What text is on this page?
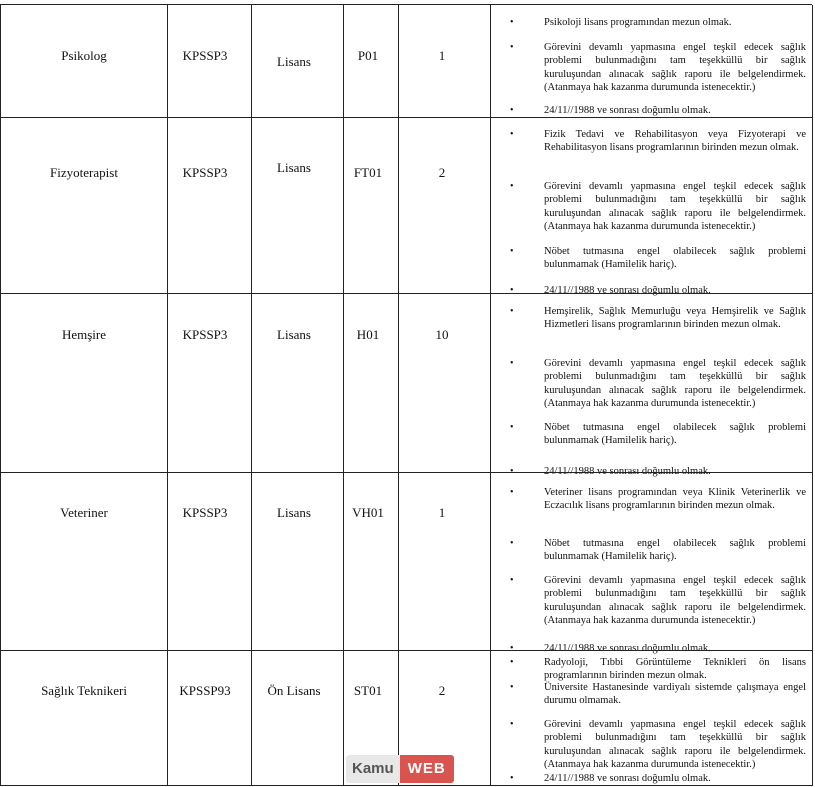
Psikolog	KPSSP3	Lisans	P01	1
Psikoloji lisans programından mezun olmak.
Görevini devamlı yapmasına engel teşkil edecek sağlık problemi bulunmadığını tam teşekküllü bir sağlık kuruluşundan alınacak sağlık raporu ile belgelendirmek. (Atanmaya hak kazanma durumunda istenecektir.)
24/11//1988 ve sonrası doğumlu olmak.
Fizyoterapist	KPSSP3	Lisans	FT01	2
Fizik Tedavi ve Rehabilitasyon veya Fizyoterapi ve Rehabilitasyon lisans programlarının birinden mezun olmak.
Görevini devamlı yapmasına engel teşkil edecek sağlık problemi bulunmadığını tam teşekküllü bir sağlık kuruluşundan alınacak sağlık raporu ile belgelendirmek. (Atanmaya hak kazanma durumunda istenecektir.)
Nöbet tutmasına engel olabilecek sağlık problemi bulunmamak (Hamilelik hariç).
24/11//1988 ve sonrası doğumlu olmak.
Hemşire	KPSSP3	Lisans	H01	10
Hemşirelik, Sağlık Memurluğu veya Hemşirelik ve Sağlık Hizmetleri lisans programlarının birinden mezun olmak.
Görevini devamlı yapmasına engel teşkil edecek sağlık problemi bulunmadığını tam teşekküllü bir sağlık kuruluşundan alınacak sağlık raporu ile belgelendirmek. (Atanmaya hak kazanma durumunda istenecektir.)
Nöbet tutmasına engel olabilecek sağlık problemi bulunmamak (Hamilelik hariç).
24/11//1988 ve sonrası doğumlu olmak.
Veteriner	KPSSP3	Lisans	VH01	1
Veteriner lisans programından veya Klinik Veterinerlik ve Eczacılık lisans programlarının birinden mezun olmak.
Nöbet tutmasına engel olabilecek sağlık problemi bulunmamak (Hamilelik hariç).
Görevini devamlı yapmasına engel teşkil edecek sağlık problemi bulunmadığını tam teşekküllü bir sağlık kuruluşundan alınacak sağlık raporu ile belgelendirmek. (Atanmaya hak kazanma durumunda istenecektir.)
24/11//1988 ve sonrası doğumlu olmak.
Sağlık Teknikeri	KPSSP93	Ön Lisans	ST01	2
Radyoloji, Tıbbi Görüntüleme Teknikleri ön lisans programlarının birinden mezun olmak.
Üniversite Hastanesinde vardiyalı sistemde çalışmaya engel durumu olmamak.
Görevini devamlı yapmasına engel teşkil edecek sağlık problemi bulunmadığını tam teşekküllü bir sağlık kuruluşundan alınacak sağlık raporu ile belgelendirmek. (Atanmaya hak kazanma durumunda istenecektir.)
24/11//1988 ve sonrası doğumlu olmak.
Kamu WEB
